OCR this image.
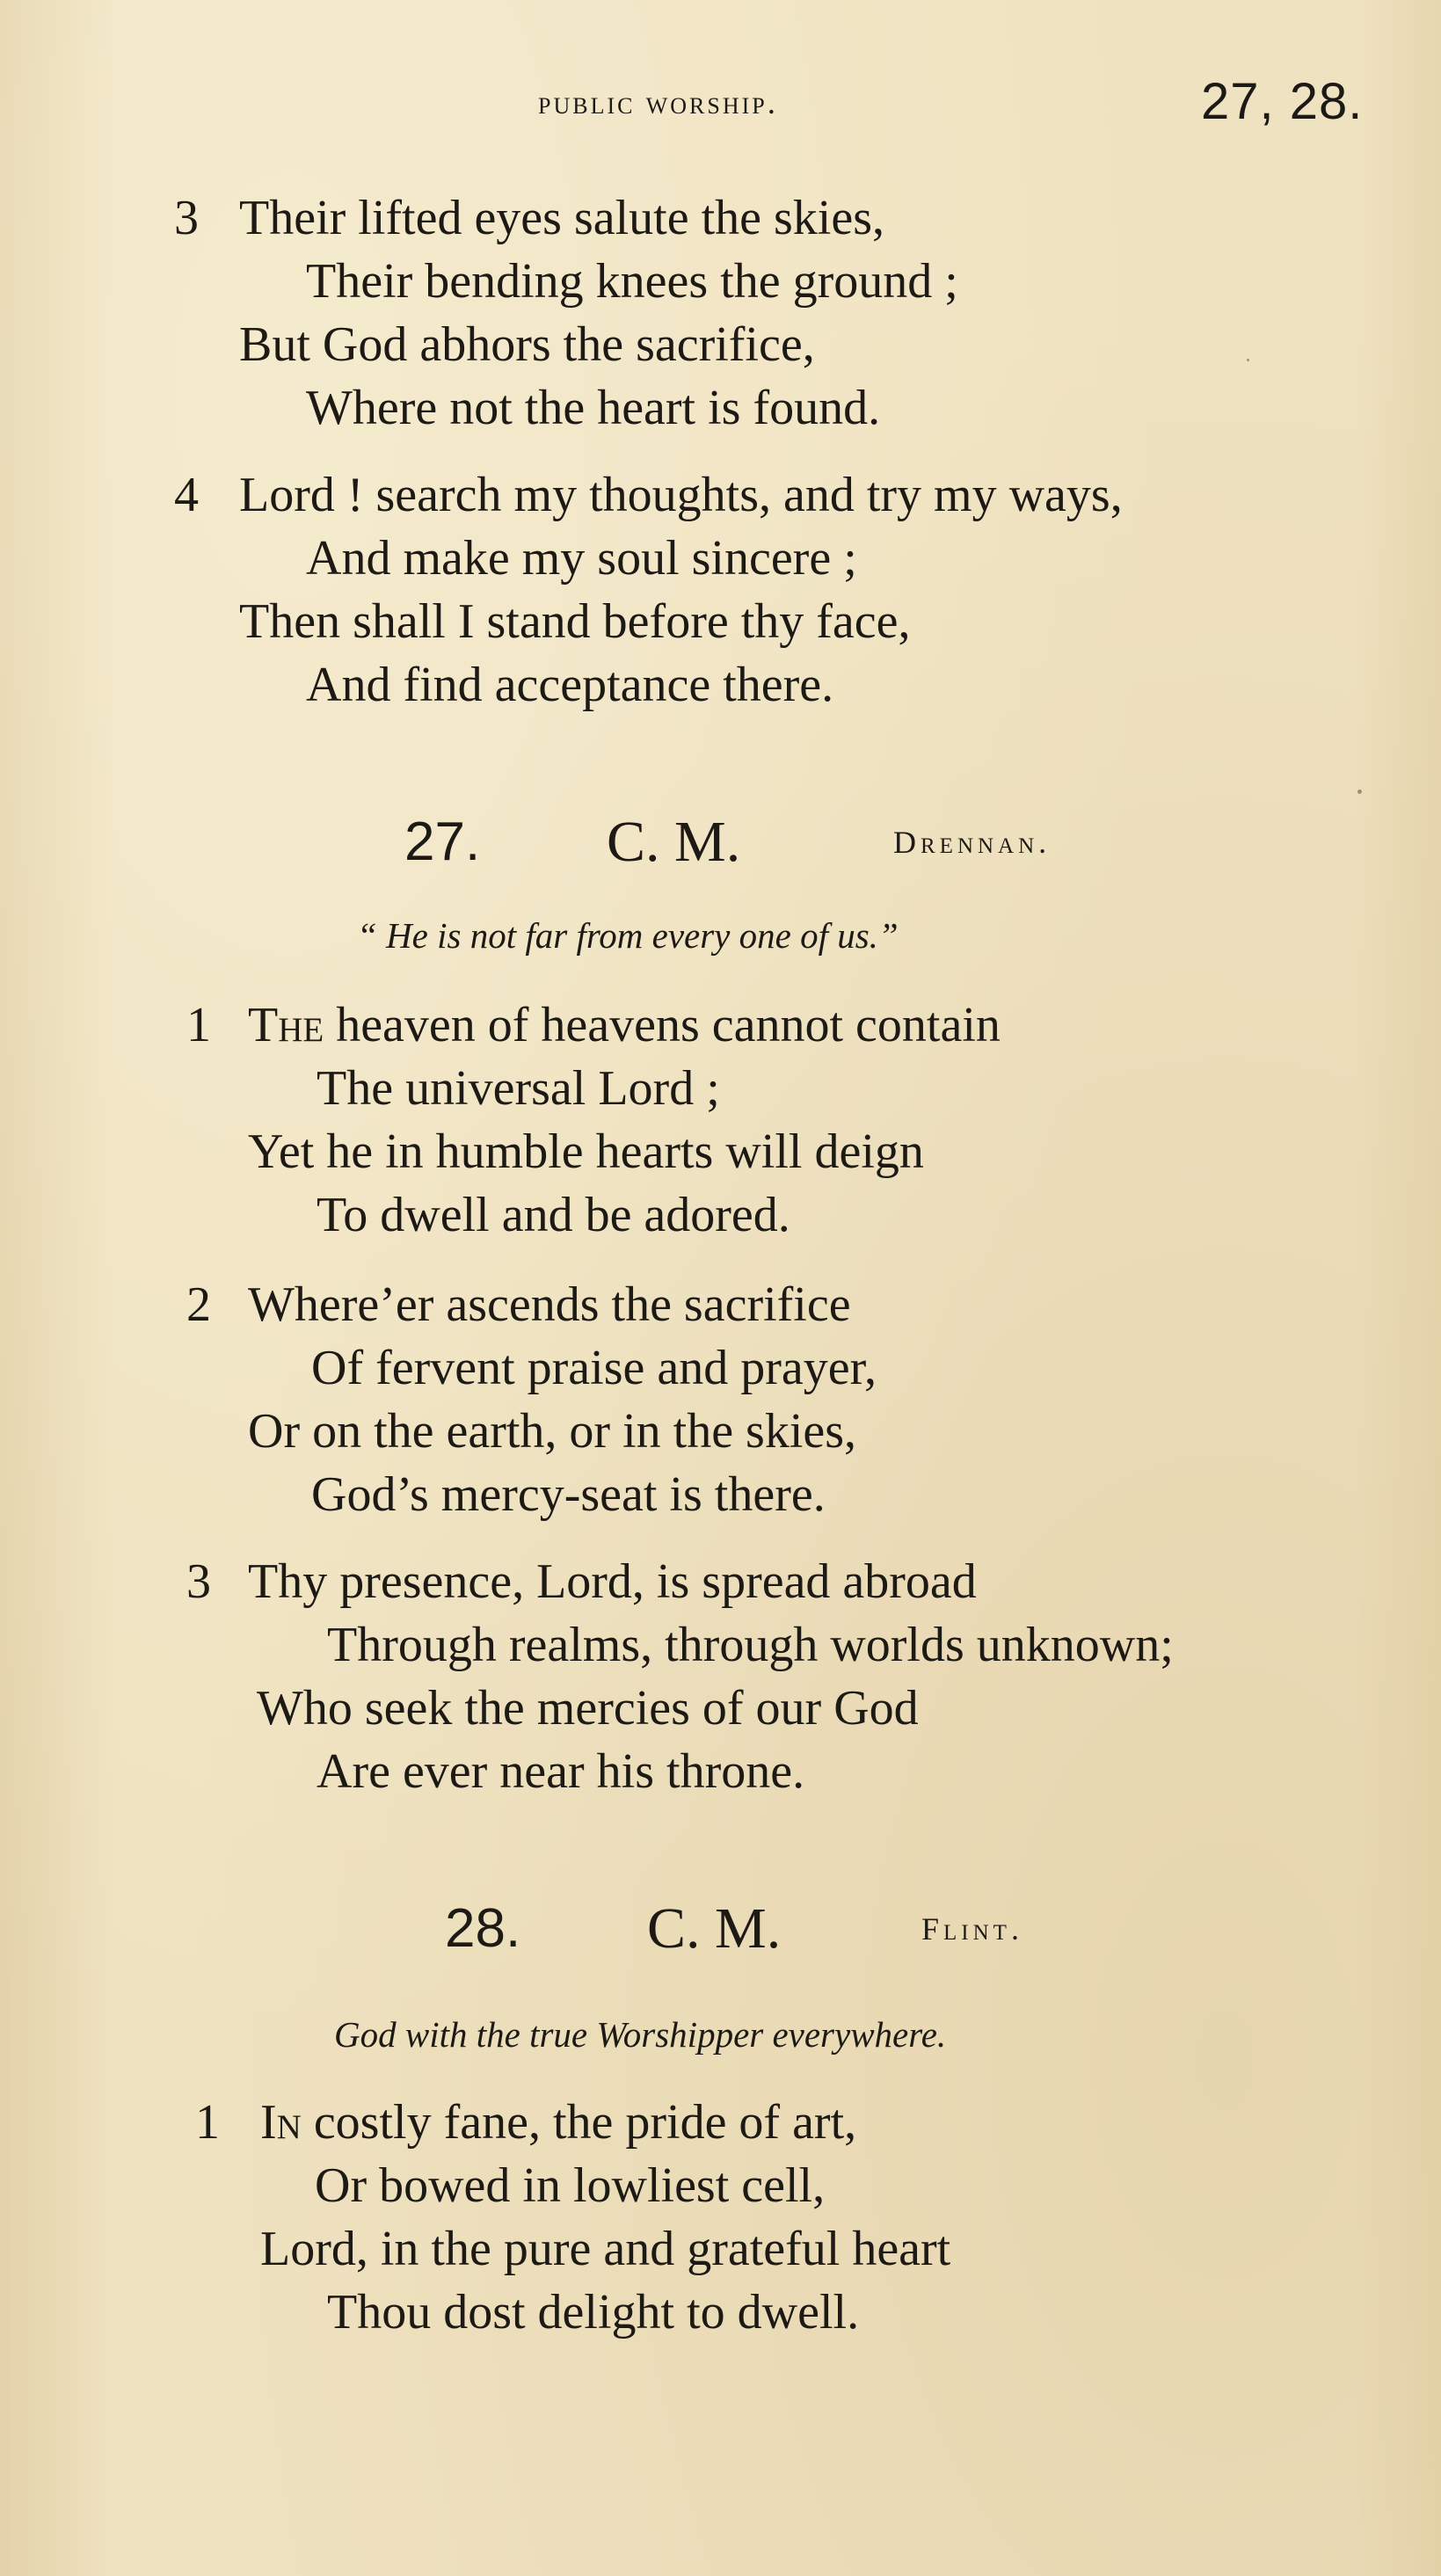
public worship.	27, 28.
3 Their lifted eyes salute the skies,
Their bending knees the ground ;
But God abhors the sacrifice,
Where not the heart is found.
4 Lord ! search my thoughts, and try my ways,
And make my soul sincere ;
Then shall I stand before thy face,
And find acceptance there.
27. C. M.	Drennan.
“ He is not far from every one of us.”
1 The heaven of heavens cannot contain
The universal Lord ;
Yet he in humble hearts will deign
To dwell and be adored.
2 Where’er ascends the sacrifice
Of fervent praise and prayer,
Or on the earth, or in the skies,
God’s mercy-seat is there.
3 Thy presence, Lord, is spread abroad
Through realms, through worlds unknown;
Who seek the mercies of our God
Are ever near his throne.
28. C. M.	Flint.
God with the true Worshipper everywhere.
1 In costly fane, the pride of art,
Or bowed in lowliest cell,
Lord, in the pure and grateful heart
Thou dost delight to dwell.
